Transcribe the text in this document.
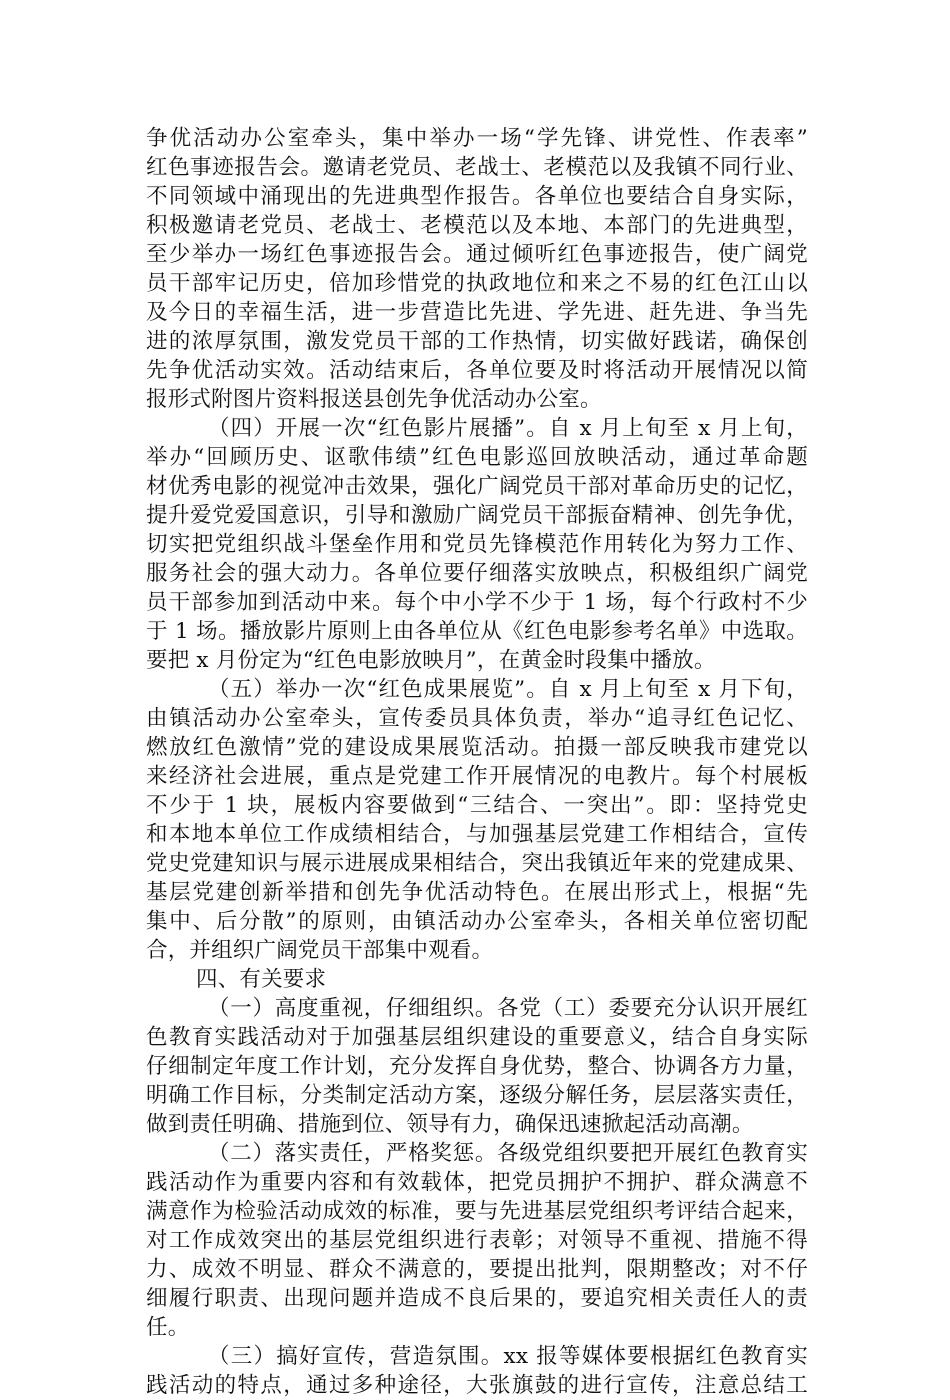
争优活动办公室牵头，集中举办一场“学先锋、讲党性、作表率”
红色事迹报告会。邀请老党员、老战士、老模范以及我镇不同行业、
不同领域中涌现出的先进典型作报告。各单位也要结合自身实际，
积极邀请老党员、老战士、老模范以及本地、本部门的先进典型，
至少举办一场红色事迹报告会。通过倾听红色事迹报告，使广阔党
员干部牢记历史，倍加珍惜党的执政地位和来之不易的红色江山以
及今日的幸福生活，进一步营造比先进、学先进、赶先进、争当先
进的浓厚氛围，激发党员干部的工作热情，切实做好践诺，确保创
先争优活动实效。活动结束后，各单位要及时将活动开展情况以简
报形式附图片资料报送县创先争优活动办公室。
（四）开展一次“红色影片展播”。自 x 月上旬至 x 月上旬，
举办“回顾历史、讴歌伟绩”红色电影巡回放映活动，通过革命题
材优秀电影的视觉冲击效果，强化广阔党员干部对革命历史的记忆，
提升爱党爱国意识，引导和激励广阔党员干部振奋精神、创先争优，
切实把党组织战斗堡垒作用和党员先锋模范作用转化为努力工作、
服务社会的强大动力。各单位要仔细落实放映点，积极组织广阔党
员干部参加到活动中来。每个中小学不少于 1 场，每个行政村不少
于 1 场。播放影片原则上由各单位从《红色电影参考名单》中选取。
要把 x 月份定为“红色电影放映月”，在黄金时段集中播放。
（五）举办一次“红色成果展览”。自 x 月上旬至 x 月下旬，
由镇活动办公室牵头，宣传委员具体负责，举办“追寻红色记忆、
燃放红色激情”党的建设成果展览活动。拍摄一部反映我市建党以
来经济社会进展，重点是党建工作开展情况的电教片。每个村展板
不少于 1 块，展板内容要做到“三结合、一突出”。即：坚持党史
和本地本单位工作成绩相结合，与加强基层党建工作相结合，宣传
党史党建知识与展示进展成果相结合，突出我镇近年来的党建成果、
基层党建创新举措和创先争优活动特色。在展出形式上，根据“先
集中、后分散”的原则，由镇活动办公室牵头，各相关单位密切配
合，并组织广阔党员干部集中观看。
四、有关要求
（一）高度重视，仔细组织。各党（工）委要充分认识开展红
色教育实践活动对于加强基层组织建设的重要意义，结合自身实际
仔细制定年度工作计划，充分发挥自身优势，整合、协调各方力量，
明确工作目标，分类制定活动方案，逐级分解任务，层层落实责任，
做到责任明确、措施到位、领导有力，确保迅速掀起活动高潮。
（二）落实责任，严格奖惩。各级党组织要把开展红色教育实
践活动作为重要内容和有效载体，把党员拥护不拥护、群众满意不
满意作为检验活动成效的标准，要与先进基层党组织考评结合起来，
对工作成效突出的基层党组织进行表彰；对领导不重视、措施不得
力、成效不明显、群众不满意的，要提出批判，限期整改；对不仔
细履行职责、出现问题并造成不良后果的，要追究相关责任人的责
任。
（三）搞好宣传，营造氛围。xx 报等媒体要根据红色教育实
践活动的特点，通过多种途径，大张旗鼓的进行宣传，注意总结工
